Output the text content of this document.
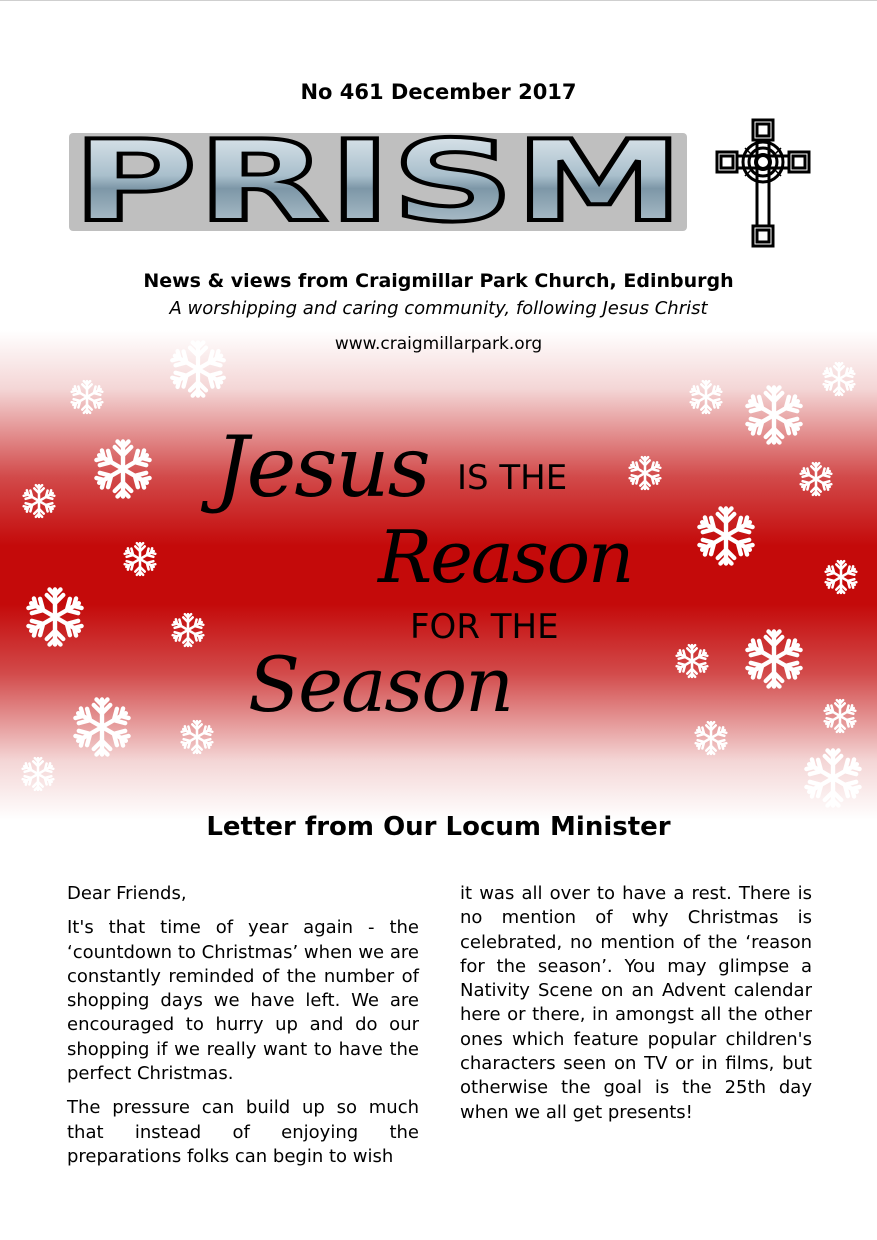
No 461 December 2017
PRISM
News & views from Craigmillar Park Church, Edinburgh
A worshipping and caring community, following Jesus Christ
www.craigmillarpark.org
Jesus IS THE
Reason
FOR THE
Season
Letter from Our Locum Minister

Dear Friends,

It's that time of year again - the ‘countdown to Christmas’ when we are constantly reminded of the number of shopping days we have left. We are encouraged to hurry up and do our shopping if we really want to have the perfect Christmas.

The pressure can build up so much that instead of enjoying the preparations folks can begin to wish

it was all over to have a rest. There is no mention of why Christmas is celebrated, no mention of the ‘reason for the season’. You may glimpse a Nativity Scene on an Advent calendar here or there, in amongst all the other ones which feature popular children's characters seen on TV or in films, but otherwise the goal is the 25th day when we all get presents!
